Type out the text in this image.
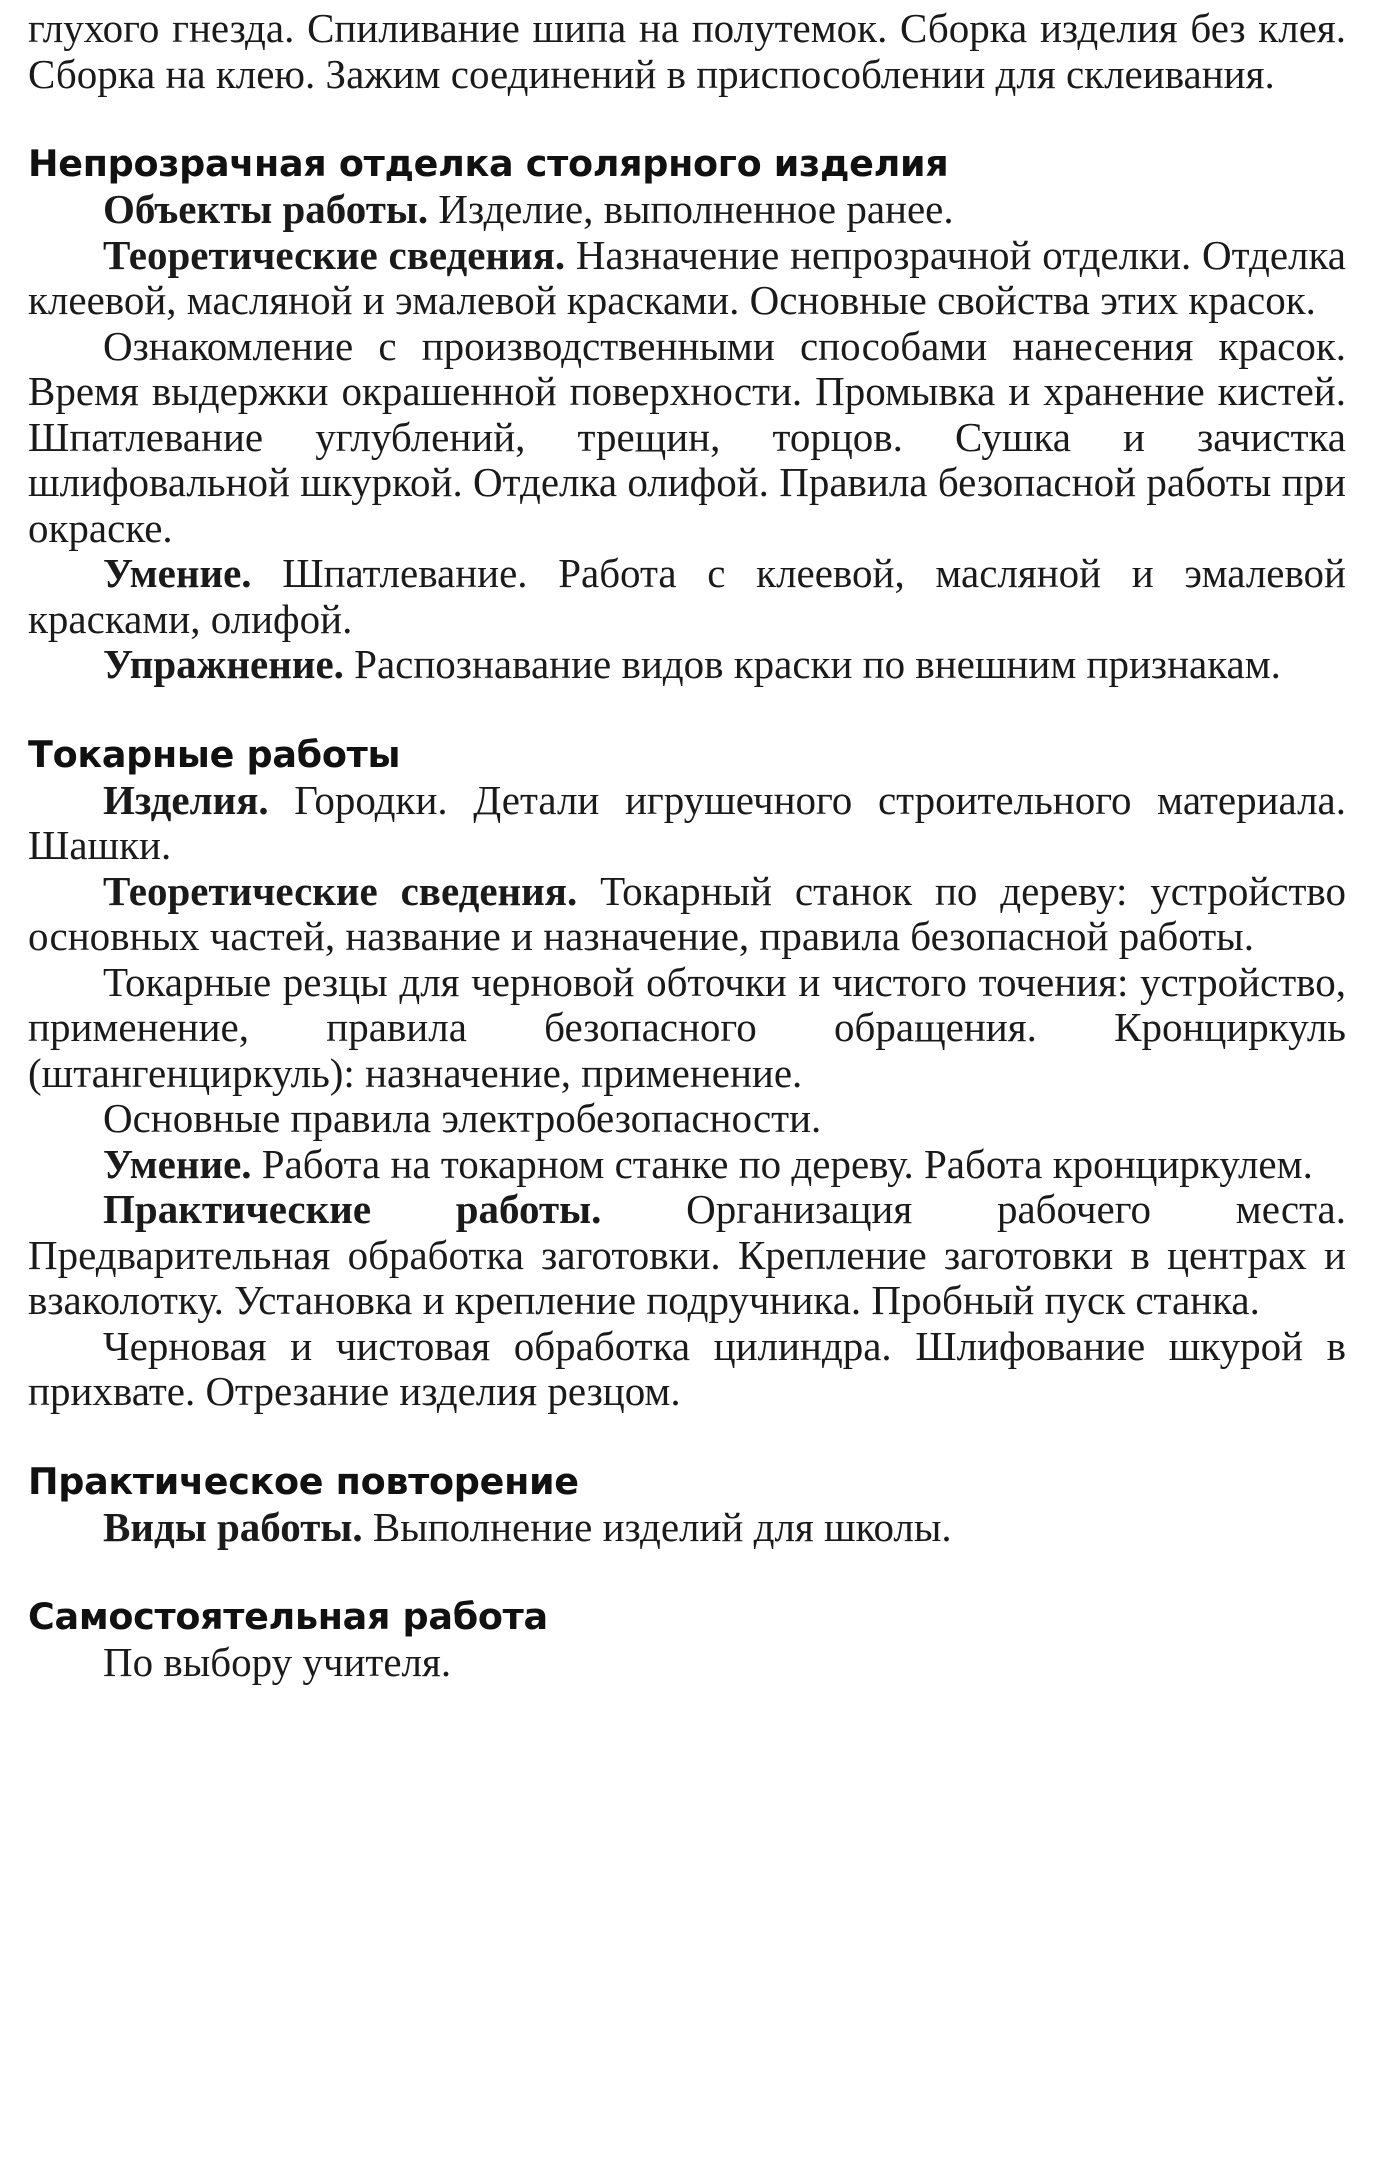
глухого гнезда. Спиливание шипа на полутемок. Сборка изделия без клея. Сборка на клею. Зажим соединений в приспособлении для склеивания.

Непрозрачная отделка столярного изделия

Объекты работы. Изделие, выполненное ранее.

Теоретические сведения. Назначение непрозрачной отделки. Отделка клеевой, масляной и эмалевой красками. Основные свойства этих красок.

Ознакомление с производственными способами нанесения красок. Время выдержки окрашенной поверхности. Промывка и хранение кистей. Шпатлевание углублений, трещин, торцов. Сушка и зачистка шлифовальной шкуркой. Отделка олифой. Правила безопасной работы при окраске.

Умение. Шпатлевание. Работа с клеевой, масляной и эмалевой красками, олифой.

Упражнение. Распознавание видов краски по внешним признакам.

Токарные работы

Изделия. Городки. Детали игрушечного строительного материала. Шашки.

Теоретические сведения. Токарный станок по дереву: устройство основных частей, название и назначение, правила безопасной работы.

Токарные резцы для черновой обточки и чистого точения: устройство, применение, правила безопасного обращения. Кронциркуль (штангенциркуль): назначение, применение.

Основные правила электробезопасности.

Умение. Работа на токарном станке по дереву. Работа кронциркулем.

Практические работы. Организация рабочего места. Предварительная обработка заготовки. Крепление заготовки в центрах и взаколотку. Установка и крепление подручника. Пробный пуск станка.

Черновая и чистовая обработка цилиндра. Шлифование шкурой в прихвате. Отрезание изделия резцом.

Практическое повторение

Виды работы. Выполнение изделий для школы.

Самостоятельная работа

По выбору учителя.
